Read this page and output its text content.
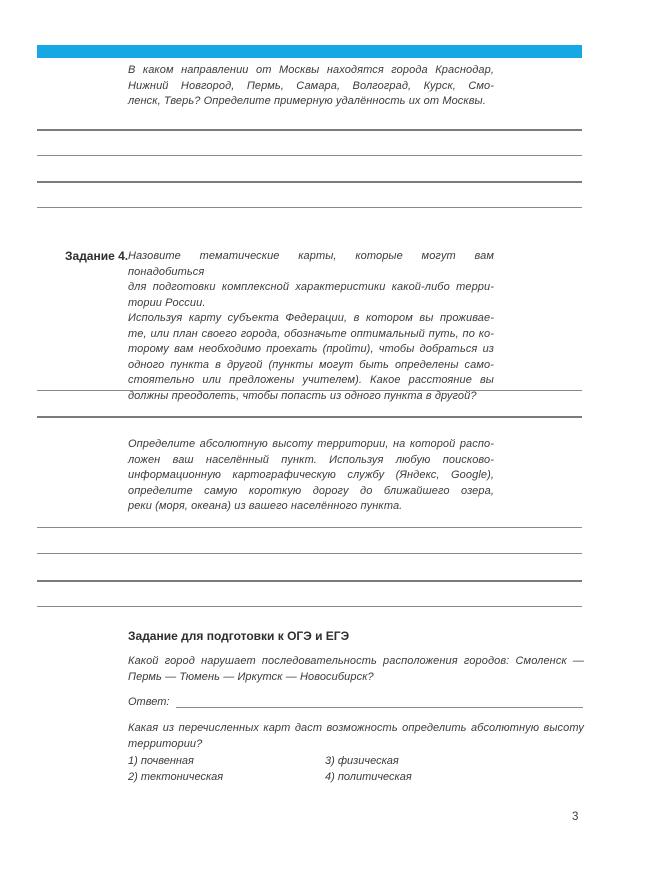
В каком направлении от Москвы находятся города Краснодар,
Нижний Новгород, Пермь, Самара, Волгоград, Курск, Смо-
ленск, Тверь? Определите примерную удалённость их от Москвы.
Задание 4. Назовите тематические карты, которые могут вам понадобиться
для подготовки комплексной характеристики какой-либо терри-
тории России.
Используя карту субъекта Федерации, в котором вы проживае-
те, или план своего города, обозначьте оптимальный путь, по ко-
торому вам необходимо проехать (пройти), чтобы добраться из
одного пункта в другой (пункты могут быть определены само-
стоятельно или предложены учителем). Какое расстояние вы
должны преодолеть, чтобы попасть из одного пункта в другой?
Определите абсолютную высоту территории, на которой распо-
ложен ваш населённый пункт. Используя любую поисково-
информационную картографическую службу (Яндекс, Google),
определите самую короткую дорогу до ближайшего озера,
реки (моря, океана) из вашего населённого пункта.
Задание для подготовки к ОГЭ и ЕГЭ
Какой город нарушает последовательность расположения городов: Смоленск —
Пермь — Тюмень — Иркутск — Новосибирск?
Ответ:
Какая из перечисленных карт даст возможность определить абсолютную высоту
территории?
1) почвенная
2) тектоническая
3) физическая
4) политическая
3
